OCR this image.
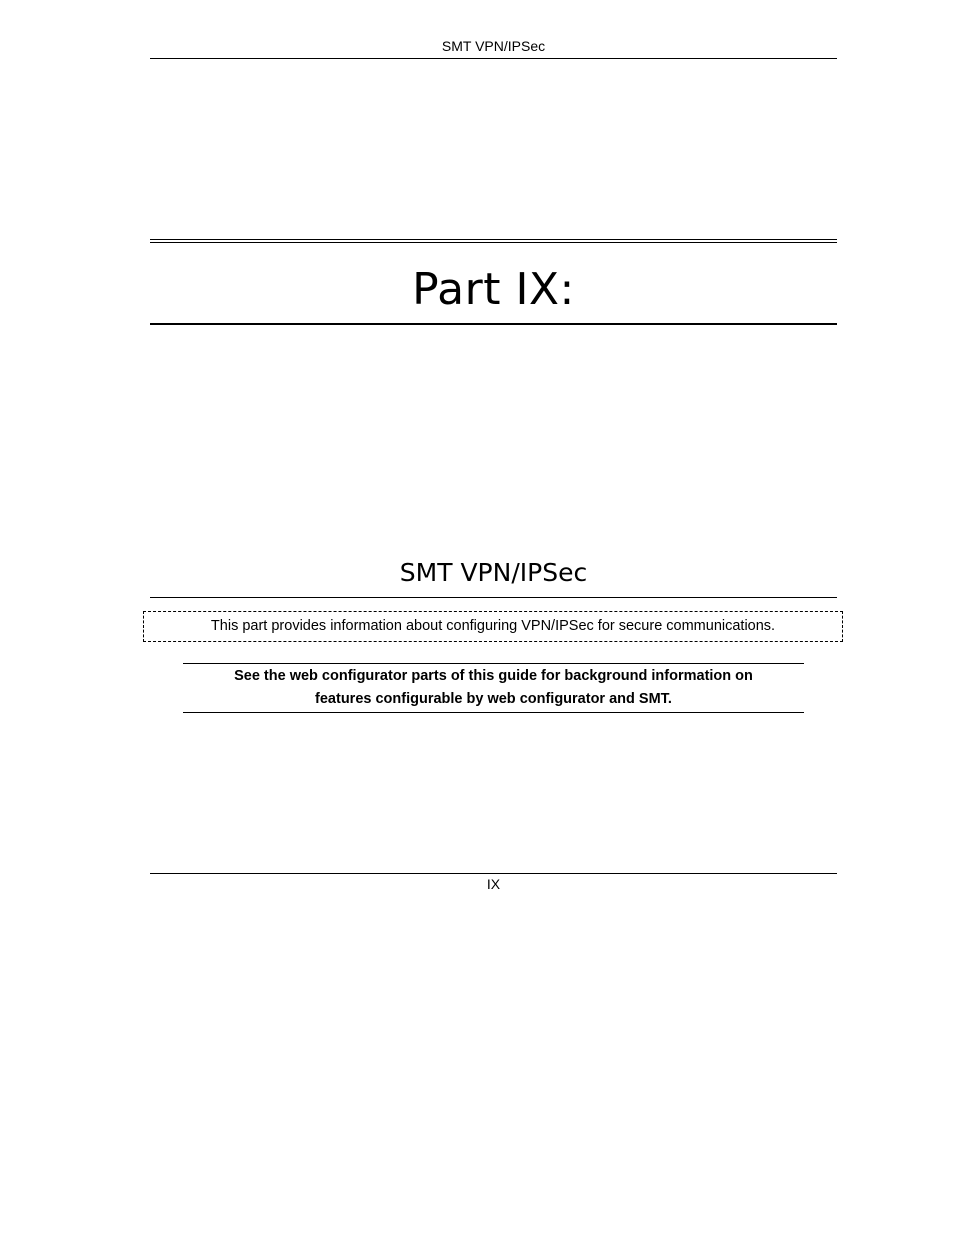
SMT VPN/IPSec
Part IX:
SMT VPN/IPSec
This part provides information about configuring VPN/IPSec for secure communications.
See the web configurator parts of this guide for background information on
features configurable by web configurator and SMT.
IX
